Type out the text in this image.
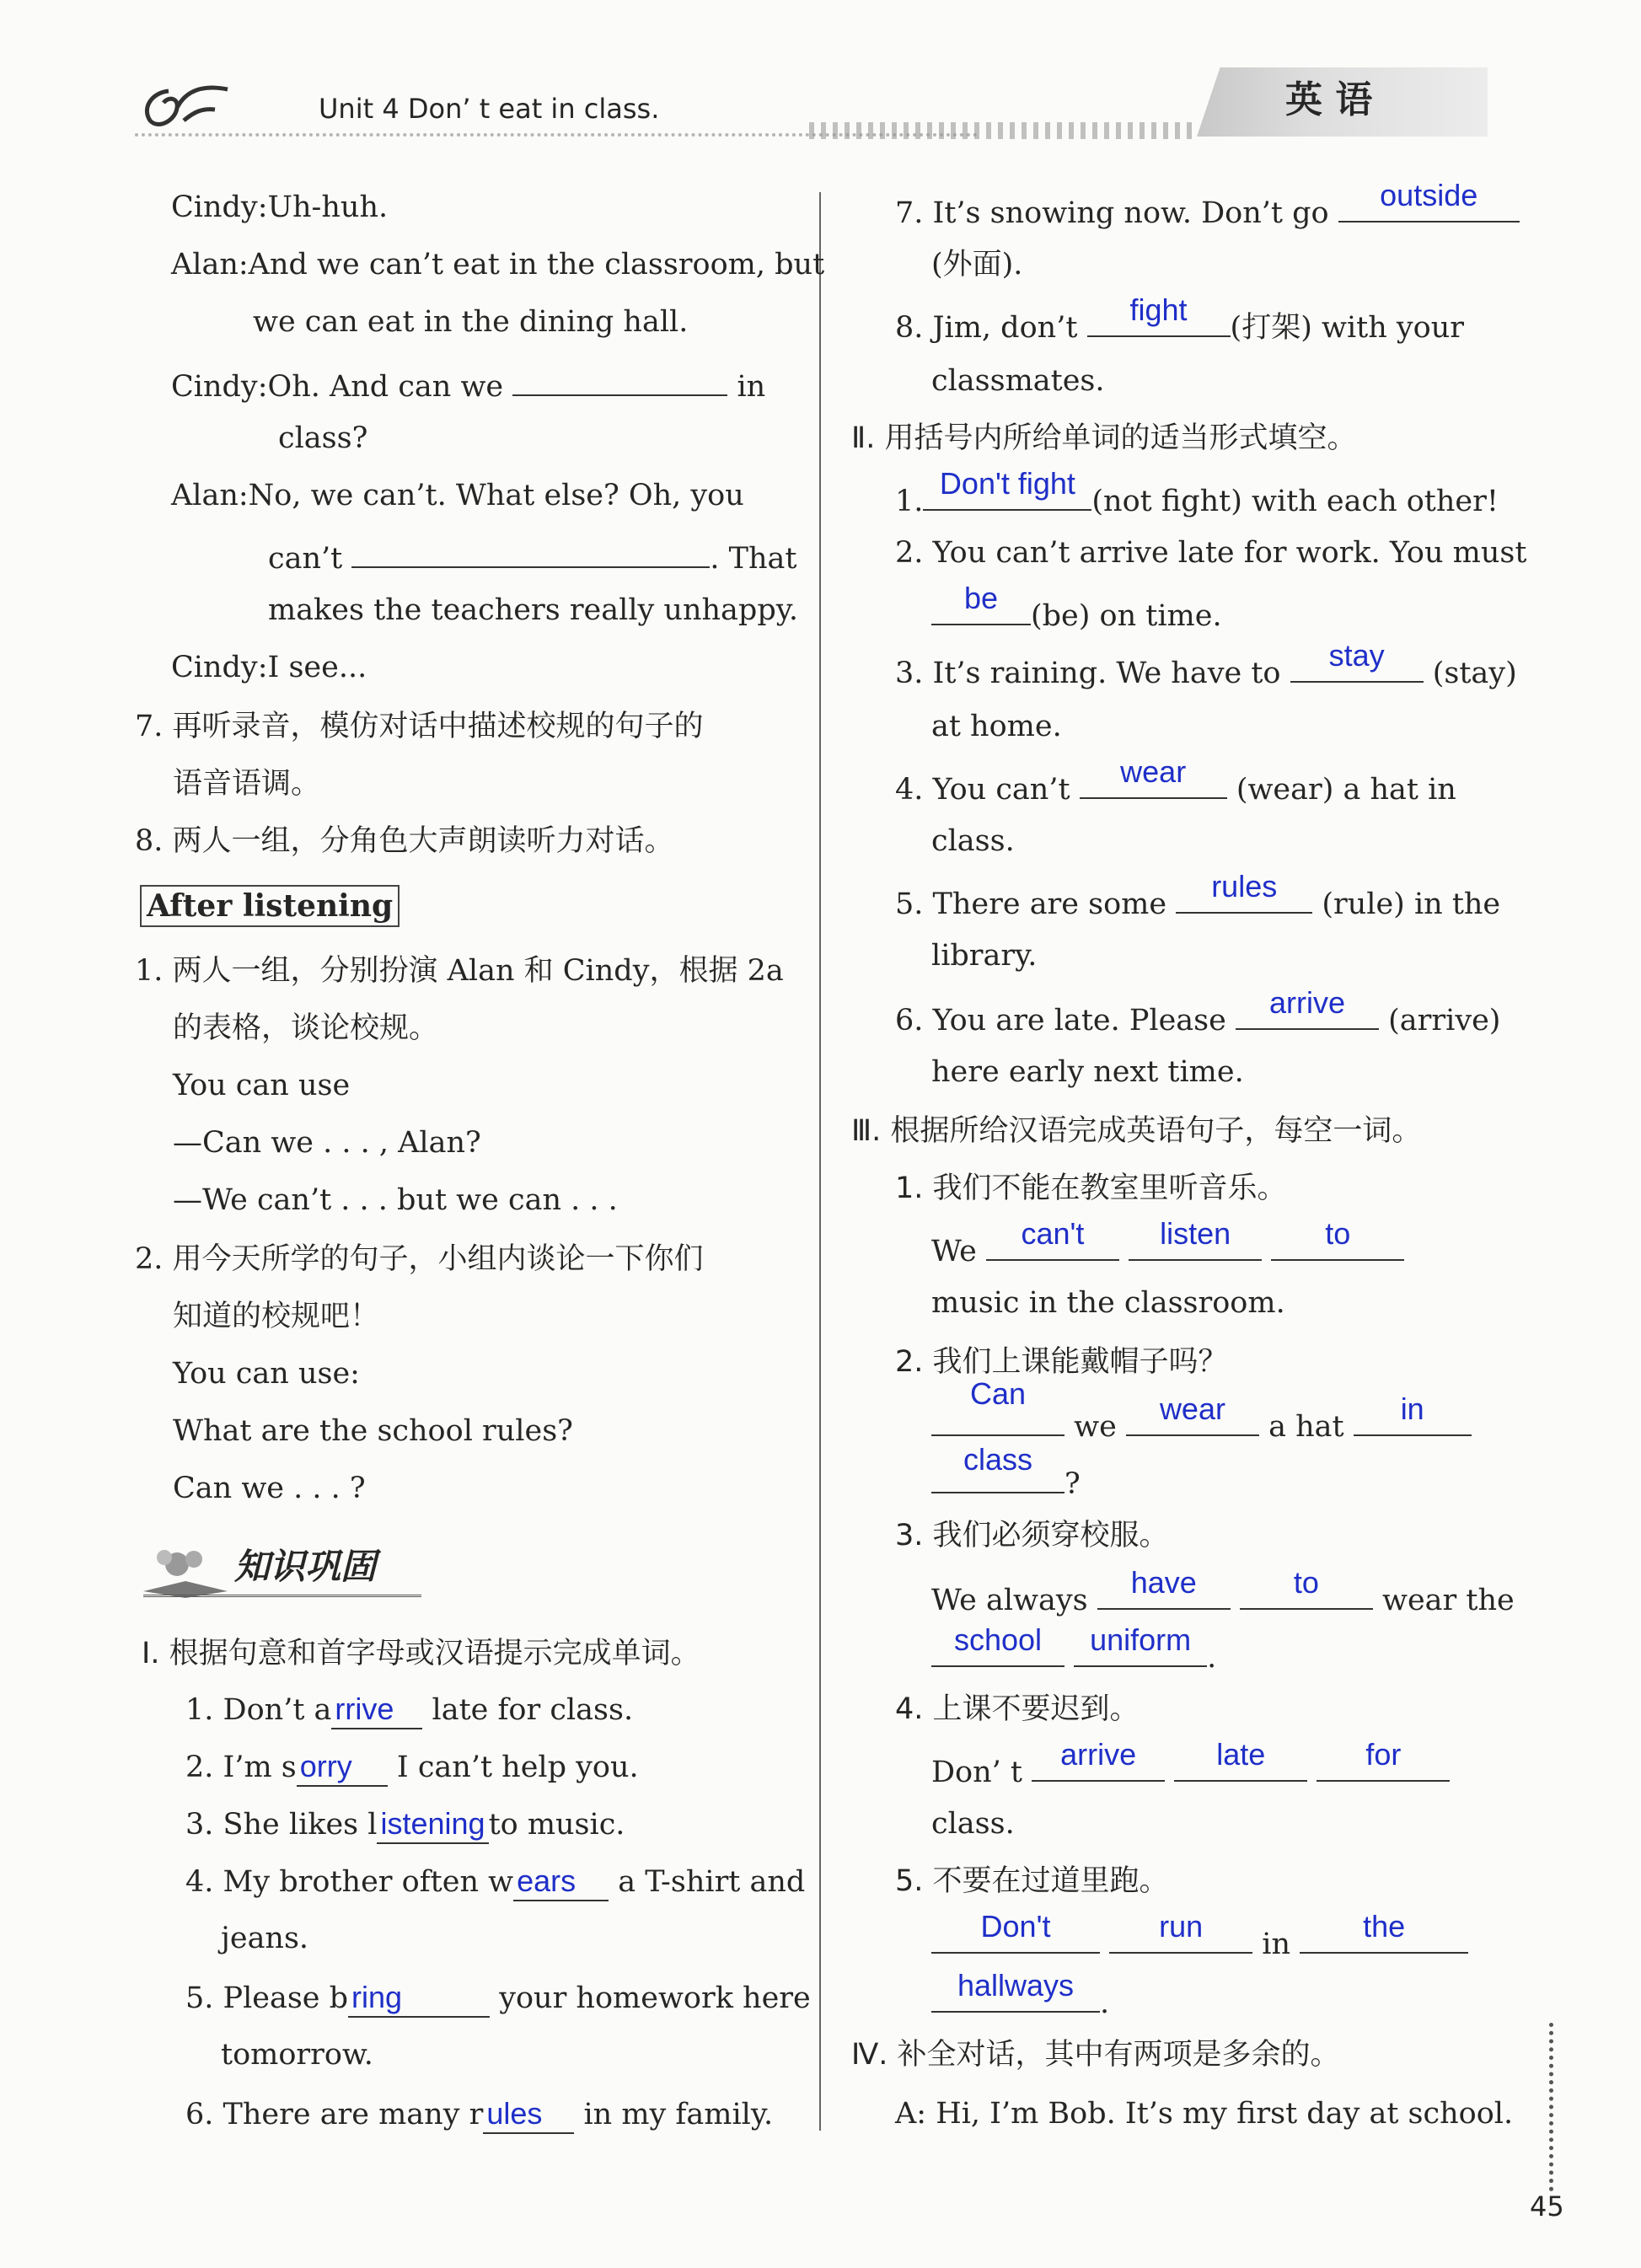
Unit 4 Don’ t eat in class.	英 语
Cindy:Uh-huh.
Alan:And we can’t eat in the classroom, but
we can eat in the dining hall.
Cindy:Oh. And can we	in
class?
Alan:No, we can’t. What else? Oh, you
can’t	. That
makes the teachers really unhappy.
Cindy:I see...
7. 再听录音，模仿对话中描述校规的句子的
语音语调。
8. 两人一组，分角色大声朗读听力对话。
After listening
1. 两人一组，分别扮演 Alan 和 Cindy，根据 2a
的表格，谈论校规。
You can use
—Can we . . . , Alan?
—We can’t . . . but we can . . .
2. 用今天所学的句子，小组内谈论一下你们
知道的校规吧！
You can use:
What are the school rules?
Can we . . . ?
知识巩固
Ⅰ. 根据句意和首字母或汉语提示完成单词。
1. Don’t a rrive late for class.
2. I’m s orry I can’t help you.
3. She likes l istening to music.
4. My brother often w ears a T-shirt and
jeans.
5. Please b ring	your homework here
tomorrow.
6. There are many r ules in my family.
7. It’s snowing now. Don’t go
outside
(外面).
8. Jim, don’t
fight
(打架) with your
classmates.
Ⅱ. 用括号内所给单词的适当形式填空。
1.
Don't fight
(not fight) with each other!
2. You can’t arrive late for work. You must
be
(be) on time.
3. It’s raining. We have to
stay
(stay)
at home.
4. You can’t
wear
(wear) a hat in
class.
5. There are some
rules
(rule) in the
library.
6. You are late. Please
arrive
(arrive)
here early next time.
Ⅲ. 根据所给汉语完成英语句子，每空一词。
1. 我们不能在教室里听音乐。
We
can't
	listen
	to
music in the classroom.
2. 我们上课能戴帽子吗？
Can
we
wear
a hat
in
class
?
3. 我们必须穿校服。
We always
have
	to
wear the
school
	uniform
.
4. 上课不要迟到。
Don’ t
arrive
	late
	for
class.
5. 不要在过道里跑。
Don't
	run
in
the
hallways
.
Ⅳ. 补全对话，其中有两项是多余的。
A: Hi, I’m Bob. It’s my first day at school.
45
